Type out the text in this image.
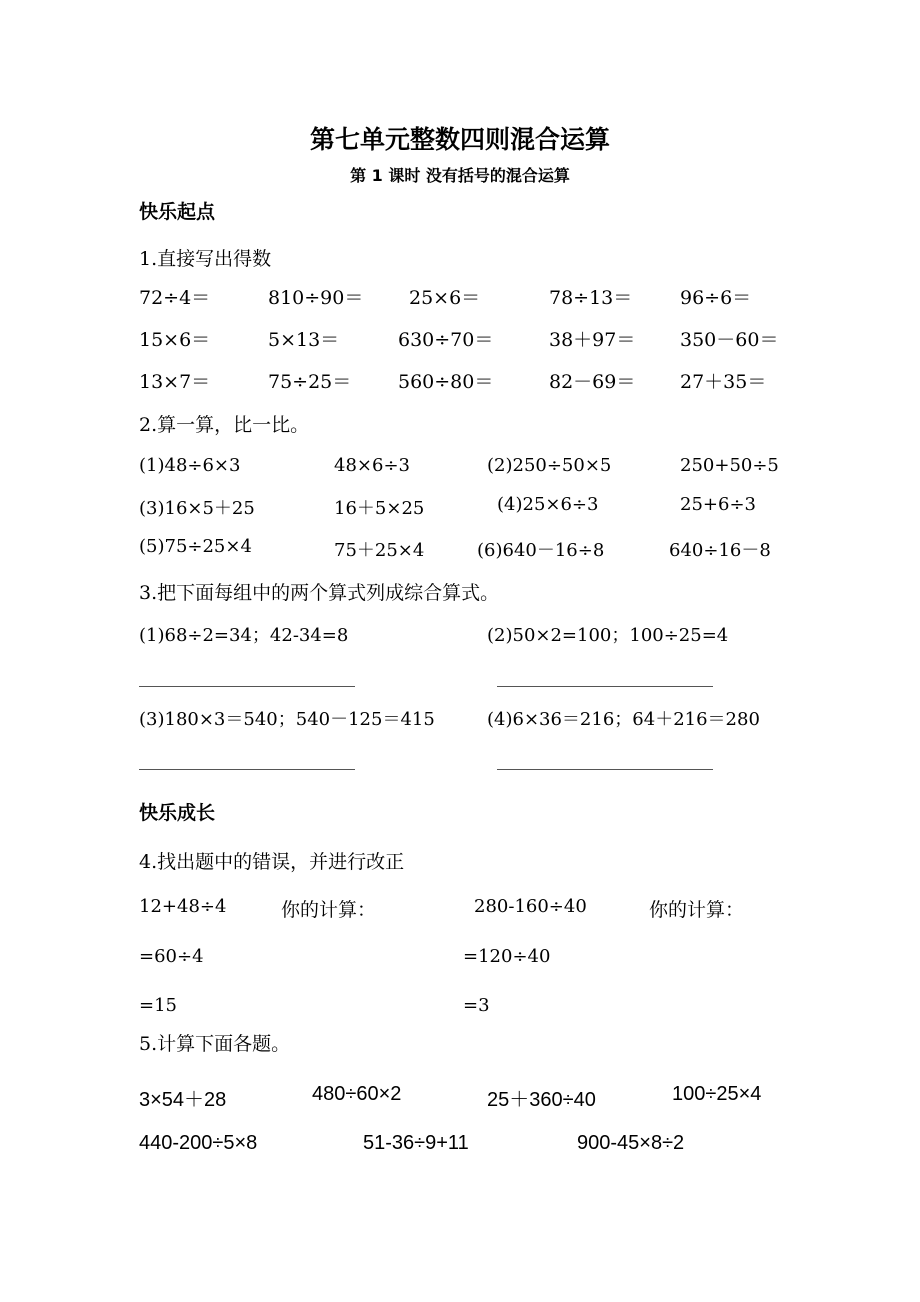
第七单元整数四则混合运算
第 1 课时 没有括号的混合运算
快乐起点
1.直接写出得数
72÷4＝	810÷90＝ 25×6＝	78÷13＝	96÷6＝
15×6＝	5×13＝	630÷70＝	38＋97＝ 350－60＝
13×7＝	75÷25＝ 560÷80＝	82－69＝ 27＋35＝
2.算一算，比一比。
(1)48÷6×3	48×6÷3	(2)250÷50×5	250+50÷5
(3)16×5＋25	16＋5×25	(4)25×6÷3	25+6÷3
(5)75÷25×4	75＋25×4	(6)640－16÷8	640÷16－8
3.把下面每组中的两个算式列成综合算式。
(1)68÷2=34；42-34=8	(2)50×2=100；100÷25=4
(3)180×3＝540；540－125＝415	(4)6×36＝216；64＋216＝280
快乐成长
4.找出题中的错误，并进行改正
12+48÷4	你的计算：	280-160÷40	你的计算：
=60÷4	=120÷40
=15	=3
5.计算下面各题。
3×54＋28	480÷60×2	25＋360÷40	100÷25×4
440-200÷5×8	51-36÷9+11	900-45×8÷2
